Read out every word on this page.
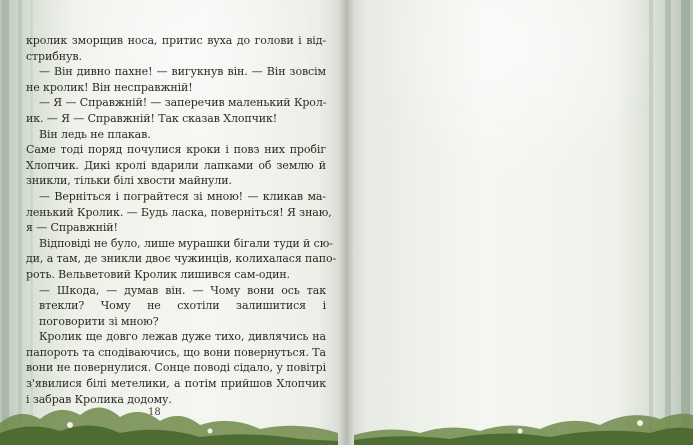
кролик зморщив носа, притис вуха до голови і від-
стрибнув.
— Він дивно пахне! — вигукнув він. — Він зовсім
не кролик! Він несправжній!
— Я — Справжній! — заперечив маленький Крол-
ик. — Я — Справжній! Так сказав Хлопчик!
Він ледь не плакав.
Саме тоді поряд почулися кроки і повз них пробіг
Хлопчик. Дикі кролі вдарили лапками об землю й зникли, тільки білі хвости майнули.
— Верніться і пограйтеся зі мною! — кликав ма-
ленький Кролик. — Будь ласка, поверніться! Я знаю,
я — Справжній!
Відповіді не було, лише мурашки бігали туди й сю-
ди, а там, де зникли двоє чужинців, колихалася папо-
роть. Вельветовий Кролик лишився сам-один.
— Шкода, — думав він. — Чому вони ось так втекли? Чому не схотіли залишитися і поговорити зі мною?
Кролик ще довго лежав дуже тихо, дивлячись на
папороть та сподіваючись, що вони повернуться. Та
вони не повернулися. Сонце поводі сідало, у повітрі
з'явилися білі метелики, а потім прийшов Хлопчик
і забрав Кролика додому.
18
